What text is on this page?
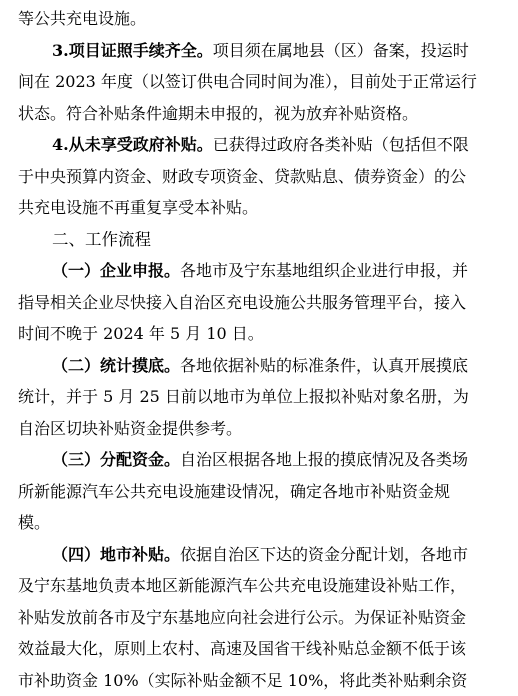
等公共充电设施。
3.项目证照手续齐全。项目须在属地县（区）备案，投运时
间在 2023 年度（以签订供电合同时间为准），目前处于正常运行
状态。符合补贴条件逾期未申报的，视为放弃补贴资格。
4.从未享受政府补贴。已获得过政府各类补贴（包括但不限
于中央预算内资金、财政专项资金、贷款贴息、债券资金）的公
共充电设施不再重复享受本补贴。
二、工作流程
（一）企业申报。各地市及宁东基地组织企业进行申报，并
指导相关企业尽快接入自治区充电设施公共服务管理平台，接入
时间不晚于 2024 年 5 月 10 日。
（二）统计摸底。各地依据补贴的标准条件，认真开展摸底
统计，并于 5 月 25 日前以地市为单位上报拟补贴对象名册，为
自治区切块补贴资金提供参考。
（三）分配资金。自治区根据各地上报的摸底情况及各类场
所新能源汽车公共充电设施建设情况，确定各地市补贴资金规
模。
（四）地市补贴。依据自治区下达的资金分配计划，各地市
及宁东基地负责本地区新能源汽车公共充电设施建设补贴工作，
补贴发放前各市及宁东基地应向社会进行公示。为保证补贴资金
效益最大化，原则上农村、高速及国省干线补贴总金额不低于该
市补助资金 10%（实际补贴金额不足 10%，将此类补贴剩余资
